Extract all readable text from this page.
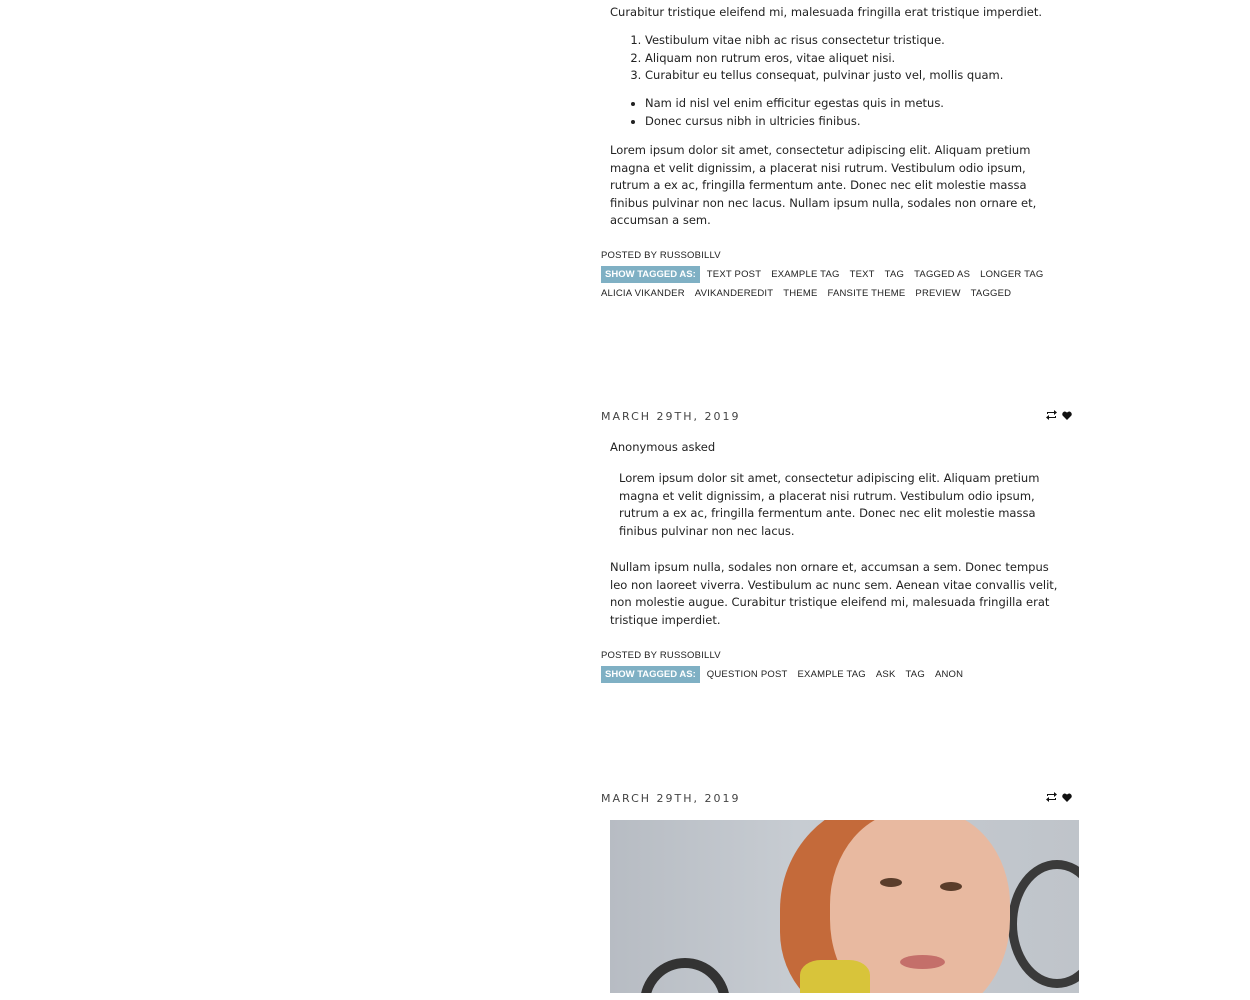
Curabitur tristique eleifend mi, malesuada fringilla erat tristique imperdiet.

1. Vestibulum vitae nibh ac risus consectetur tristique.
2. Aliquam non rutrum eros, vitae aliquet nisi.
3. Curabitur eu tellus consequat, pulvinar justo vel, mollis quam.
• Nam id nisl vel enim efficitur egestas quis in metus.
• Donec cursus nibh in ultricies finibus.

Lorem ipsum dolor sit amet, consectetur adipiscing elit. Aliquam pretium magna et velit dignissim, a placerat nisi rutrum. Vestibulum odio ipsum, rutrum a ex ac, fringilla fermentum ante. Donec nec elit molestie massa finibus pulvinar non nec lacus. Nullam ipsum nulla, sodales non ornare et, accumsan a sem.

POSTED BY RUSSOBILLV
SHOW TAGGED AS: TEXT POST EXAMPLE TAG TEXT TAG TAGGED AS LONGER TAGALICIA VIKANDER AVIKANDEREDIT THEME FANSITE THEME PREVIEW TAGGED
MARCH 29TH, 2019

Anonymous asked

Lorem ipsum dolor sit amet, consectetur adipiscing elit. Aliquam pretium magna et velit dignissim, a placerat nisi rutrum. Vestibulum odio ipsum, rutrum a ex ac, fringilla fermentum ante. Donec nec elit molestie massa finibus pulvinar non nec lacus.

Nullam ipsum nulla, sodales non ornare et, accumsan a sem. Donec tempus leo non laoreet viverra. Vestibulum ac nunc sem. Aenean vitae convallis velit, non molestie augue. Curabitur tristique eleifend mi, malesuada fringilla erat tristique imperdiet.

POSTED BY RUSSOBILLV
SHOW TAGGED AS: QUESTION POST EXAMPLE TAG ASK TAG ANON
MARCH 29TH, 2019
